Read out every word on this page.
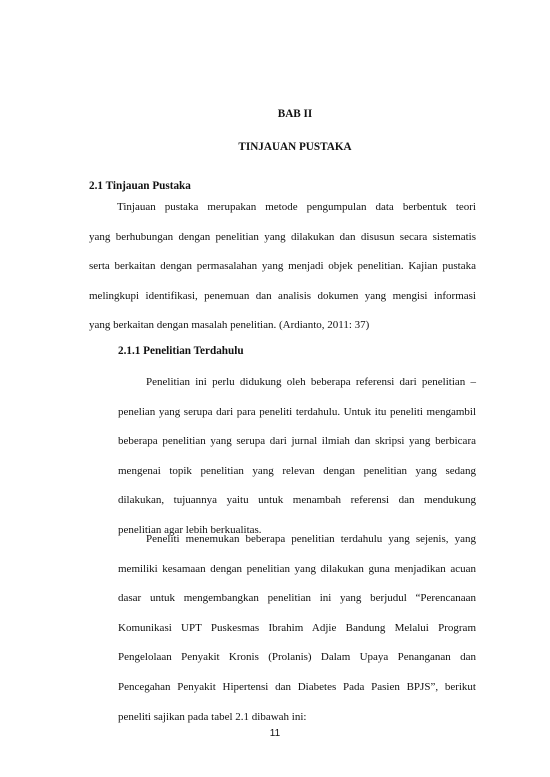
BAB II
TINJAUAN PUSTAKA
2.1 Tinjauan Pustaka
Tinjauan pustaka merupakan metode pengumpulan data berbentuk teori
yang berhubungan dengan penelitian yang dilakukan dan disusun secara sistematis
serta berkaitan dengan permasalahan yang menjadi objek penelitian. Kajian pustaka
melingkupi identifikasi, penemuan dan analisis dokumen yang mengisi informasi
yang berkaitan dengan masalah penelitian. (Ardianto, 2011: 37)
2.1.1 Penelitian Terdahulu
Penelitian ini perlu didukung oleh beberapa referensi dari penelitian –
penelian yang serupa dari para peneliti terdahulu. Untuk itu peneliti mengambil
beberapa penelitian yang serupa dari jurnal ilmiah dan skripsi yang berbicara
mengenai topik penelitian yang relevan dengan penelitian yang sedang
dilakukan, tujuannya yaitu untuk menambah referensi dan mendukung
penelitian agar lebih berkualitas.
Peneliti menemukan beberapa penelitian terdahulu yang sejenis, yang
memiliki kesamaan dengan penelitian yang dilakukan guna menjadikan acuan
dasar untuk mengembangkan penelitian ini yang berjudul “Perencanaan
Komunikasi UPT Puskesmas Ibrahim Adjie Bandung Melalui Program
Pengelolaan Penyakit Kronis (Prolanis) Dalam Upaya Penanganan dan
Pencegahan Penyakit Hipertensi dan Diabetes Pada Pasien BPJS”, berikut
peneliti sajikan pada tabel 2.1 dibawah ini:
11
